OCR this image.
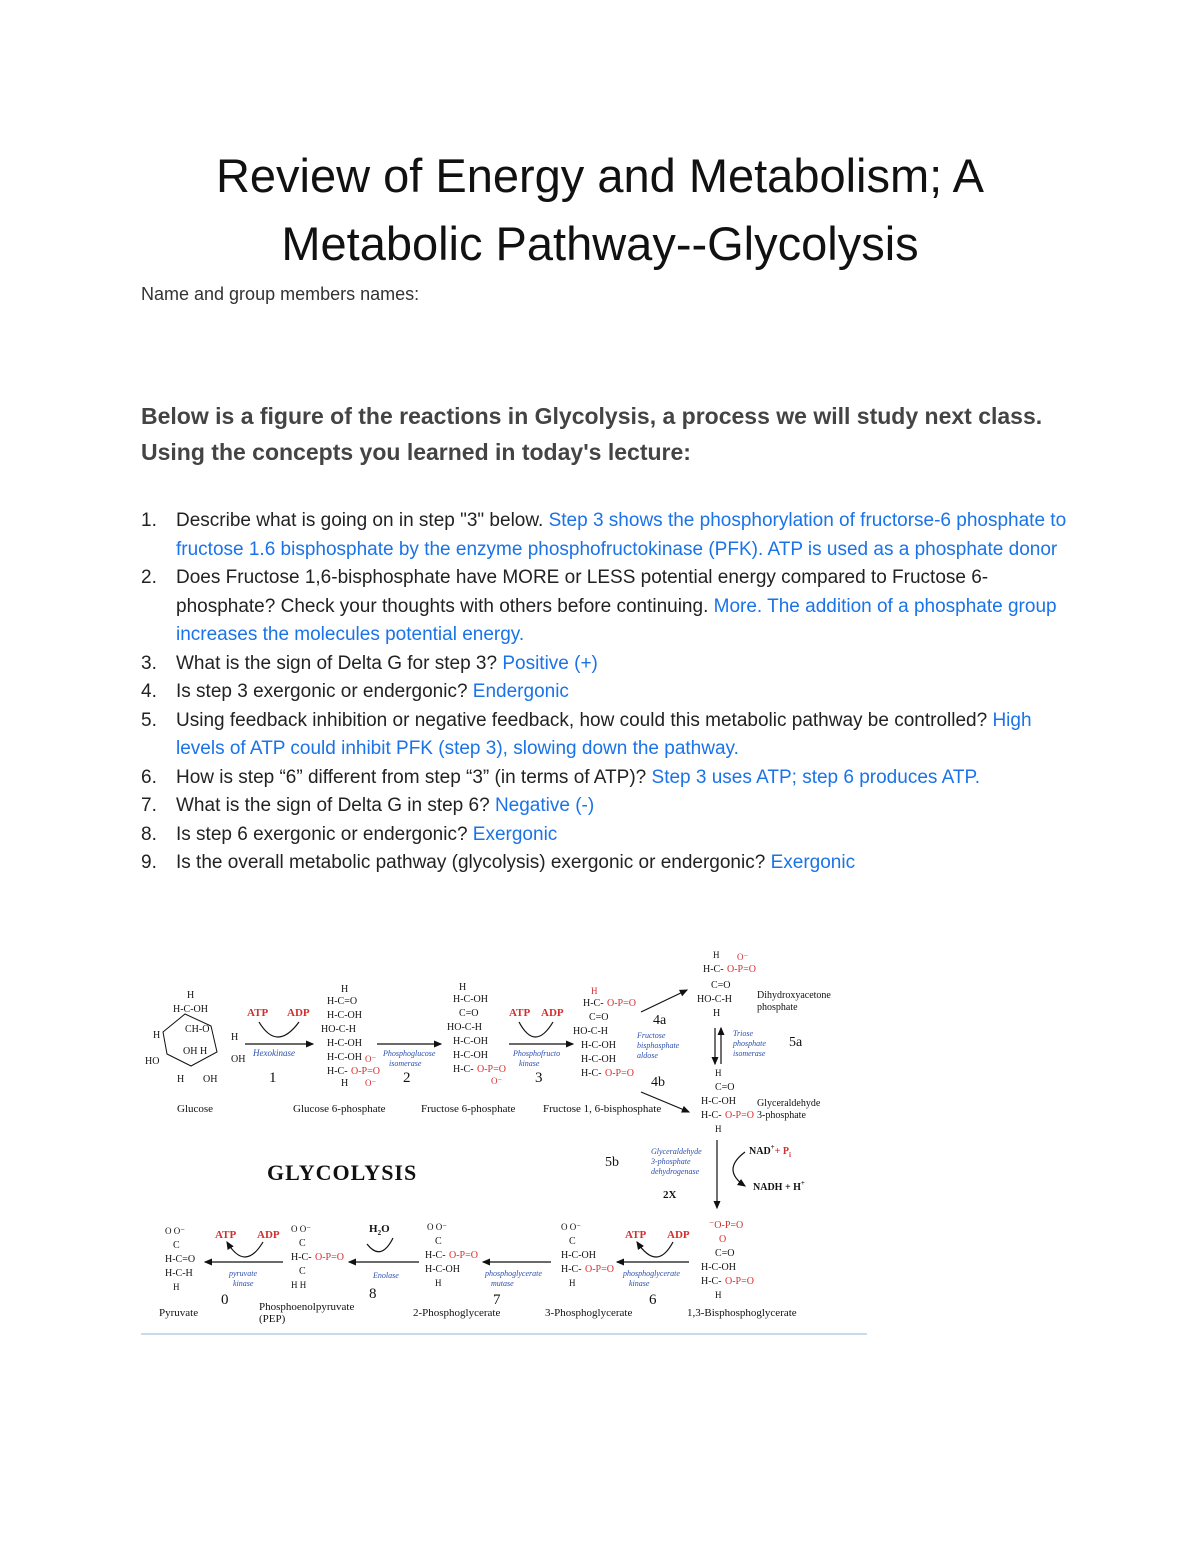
Review of Energy and Metabolism; A
Metabolic Pathway--Glycolysis
Name and group members names:

Below is a figure of the reactions in Glycolysis, a process we will study next class. Using the concepts you learned in today's lecture:

1. Describe what is going on in step "3" below. Step 3 shows the phosphorylation of fructorse-6 phosphate to fructose 1.6 bisphosphate by the enzyme phosphofructokinase (PFK). ATP is used as a phosphate donor
2. Does Fructose 1,6-bisphosphate have MORE or LESS potential energy compared to Fructose 6-phosphate? Check your thoughts with others before continuing. More. The addition of a phosphate group increases the molecules potential energy.
3. What is the sign of Delta G for step 3? Positive (+)
4. Is step 3 exergonic or endergonic? Endergonic
5. Using feedback inhibition or negative feedback, how could this metabolic pathway be controlled? High levels of ATP could inhibit PFK (step 3), slowing down the pathway.
6. How is step “6” different from step “3” (in terms of ATP)? Step 3 uses ATP; step 6 produces ATP.
7. What is the sign of Delta G in step 6? Negative (-)
8. Is step 6 exergonic or endergonic? Exergonic
9. Is the overall metabolic pathway (glycolysis) exergonic or endergonic? Exergonic
H
H-C-OH
CH-O
H
HO
OH H
OH
H OH
H
Glucose
ATP ADP
Hexokinase
1
H
H-C=O
H-C-OH
HO-C-H
H-C-OH
H-C-OH
H-C- O-P=O
O⁻
O⁻
H
Glucose 6-phosphate
Phosphoglucose
isomerase
2
H
H-C-OH
C=O
HO-C-H
H-C-OH
H-C-OH
H-C- O-P=O
O⁻
Fructose 6-phosphate
ATP ADP
Phosphofructo
kinase
3
H
H-C- O-P=O
C=O
HO-C-H
H-C-OH
H-C-OH
H-C- O-P=O
Fructose 1, 6-bisphosphate
Fructose
bisphosphate
aldose
4a
4b
H
H-C- O-P=O
O⁻
C=O
HO-C-H
H
Dihydroxyacetone
phosphate
Triose
phosphate
isomerase
5a
H
C=O
H-C-OH
H-C- O-P=O
H
Glyceraldehyde
3-phosphate
GLYCOLYSIS	5b
Glyceraldehyde
3-phosphate
dehydrogenase
$NAD^++ P_i$
NADH + H+
2X
⁻O-P=O
O
C=O
H-C-OH
H-C- O-P=O
H
1,3-Bisphosphoglycerate
ATP ADP
phosphoglycerate
kinase
6
O O⁻
C
H-C-OH
H-C- O-P=O
H
3-Phosphoglycerate
phosphoglycerate
mutase
7
O O⁻
C
H-C- O-P=O
H-C-OH
H
2-Phosphoglycerate
$H_2O$
Enolase
8
O O⁻
C
H-C- O-P=O
C
H H
Phosphoenolpyruvate
(PEP)
ATP ADP
pyruvate
kinase
0
O O⁻
C
H-C=O
H-C-H
H
Pyruvate
